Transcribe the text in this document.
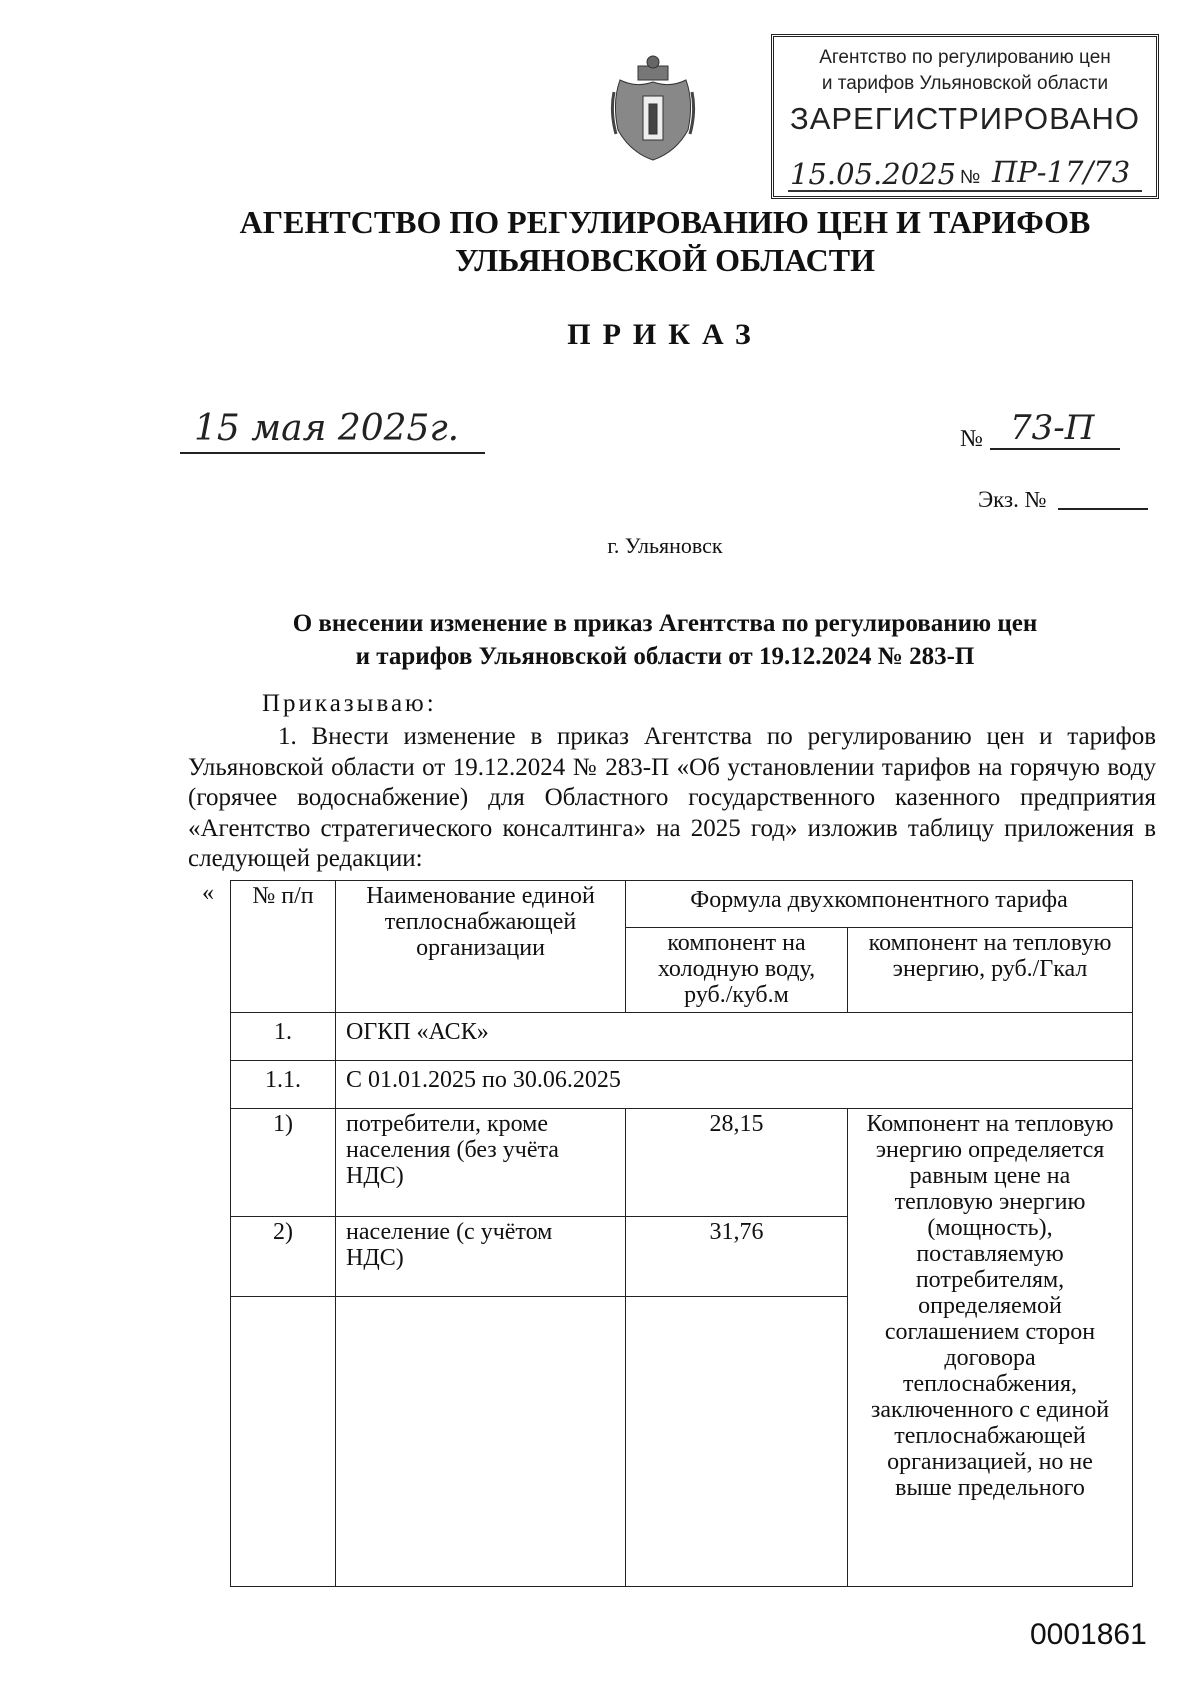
Агентство по регулированию цен
и тарифов Ульяновской области
ЗАРЕГИСТРИРОВАНО
15.05.2025 № ПР-17/73
АГЕНТСТВО ПО РЕГУЛИРОВАНИЮ ЦЕН И ТАРИФОВ
УЛЬЯНОВСКОЙ ОБЛАСТИ
ПРИКАЗ
15 мая 2025г.	№ 73-П
Экз. №
г. Ульяновск
О внесении изменение в приказ Агентства по регулированию цен
и тарифов Ульяновской области от 19.12.2024 № 283-П
Приказываю:

1. Внести изменение в приказ Агентства по регулированию цен и тарифов Ульяновской области от 19.12.2024 № 283-П «Об установлении тарифов на горячую воду (горячее водоснабжение) для Областного государственного казенного предприятия «Агентство стратегического консалтинга» на 2025 год» изложив таблицу приложения в следующей редакции:

« № п/п	Наименование единой теплоснабжающей организации	Формула двухкомпонентного тарифа	
		компонент на холодную воду, руб./куб.м	компонент на тепловую энергию, руб./Гкал
1.	ОГКП «АСК»		
1.1.	С 01.01.2025 по 30.06.2025		
1)	потребители, кроме населения (без учёта НДС)	28,15	Компонент на тепловую энергию определяется равным цене на тепловую энергию (мощность), поставляемую потребителям, определяемой соглашением сторон договора теплоснабжения, заключенного с единой теплоснабжающей организацией, но не выше предельного
2)	население (с учётом НДС)	31,76	

0001861
